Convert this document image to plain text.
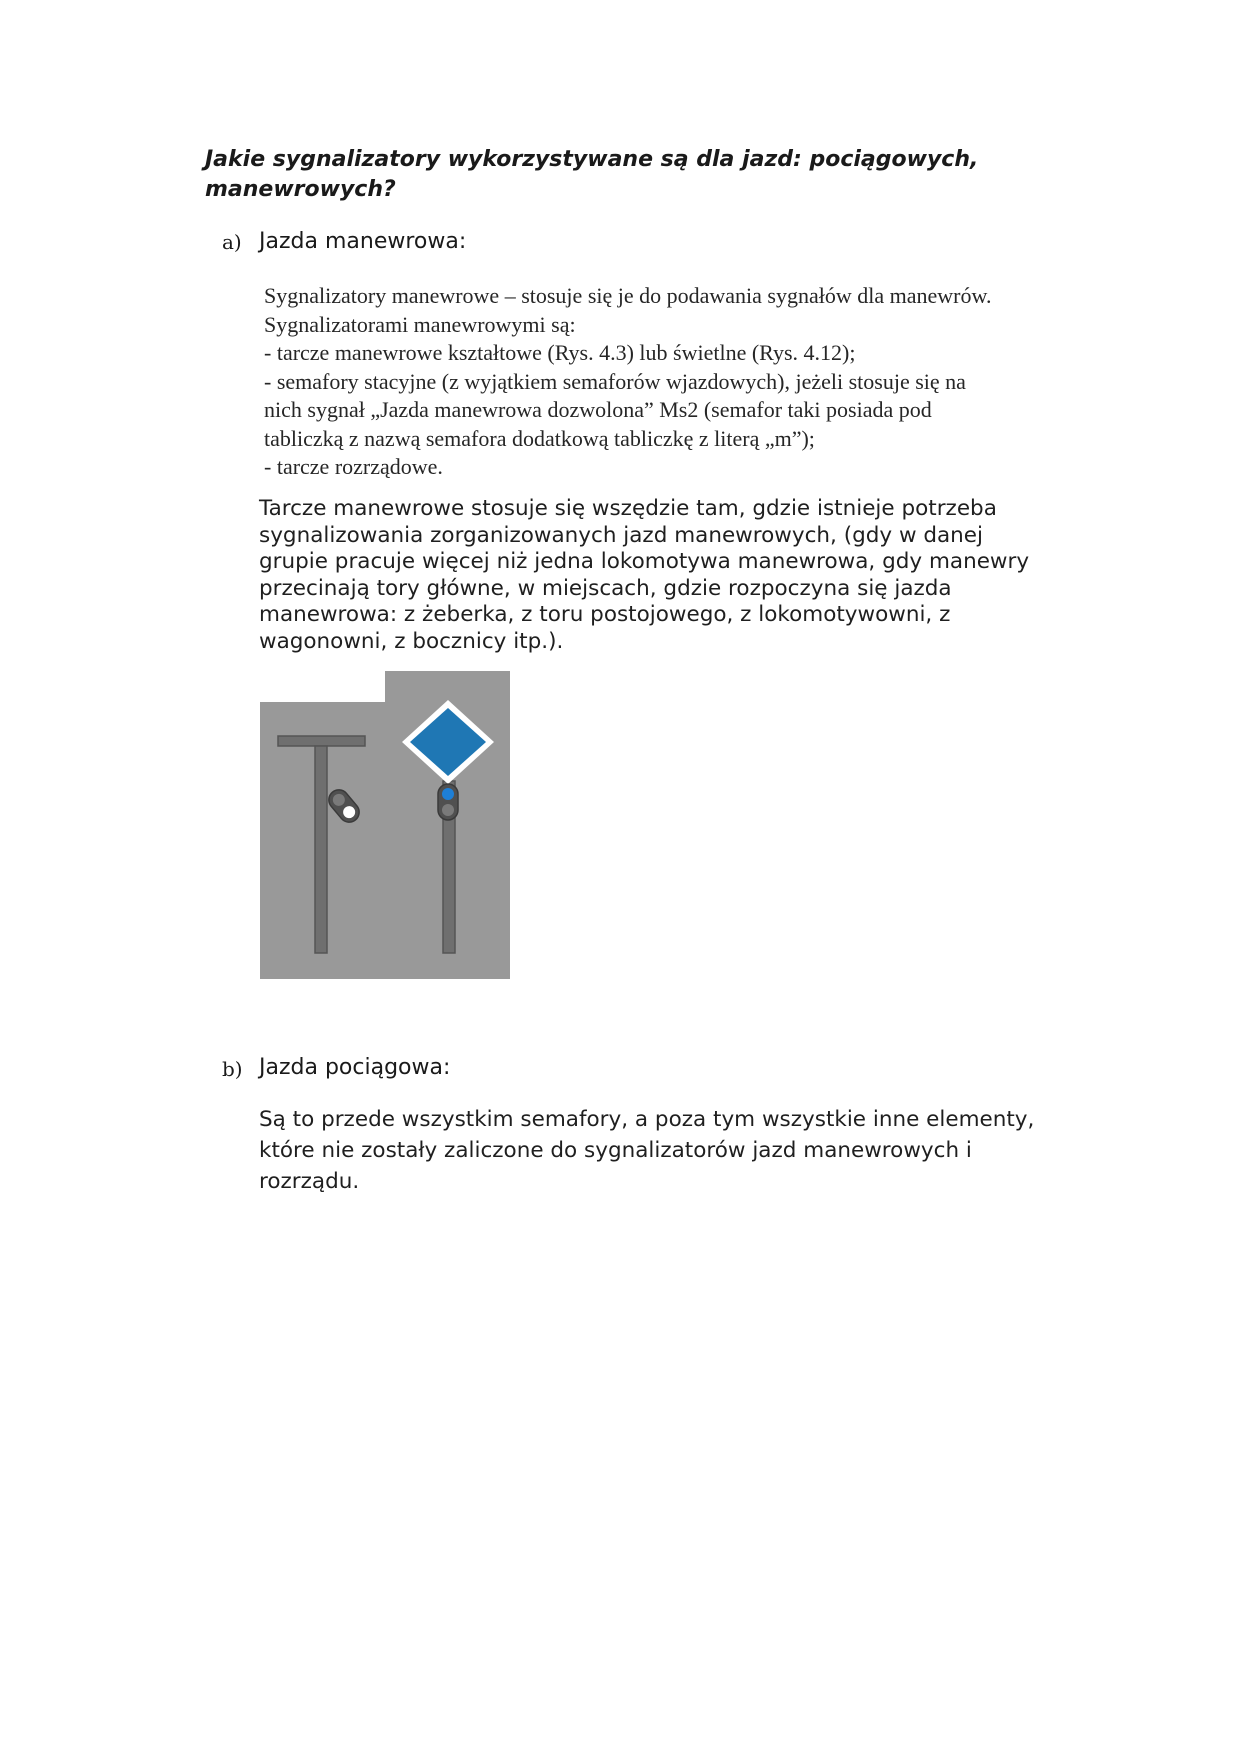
Jakie sygnalizatory wykorzystywane są dla jazd: pociągowych,
manewrowych?
a) Jazda manewrowa:
Sygnalizatory manewrowe – stosuje się je do podawania sygnałów dla manewrów.
Sygnalizatorami manewrowymi są:
- tarcze manewrowe kształtowe (Rys. 4.3) lub świetlne (Rys. 4.12);
- semafory stacyjne (z wyjątkiem semaforów wjazdowych), jeżeli stosuje się na
nich sygnał „Jazda manewrowa dozwolona” Ms2 (semafor taki posiada pod
tabliczką z nazwą semafora dodatkową tabliczkę z literą „m”);
- tarcze rozrządowe.
Tarcze manewrowe stosuje się wszędzie tam, gdzie istnieje potrzeba
sygnalizowania zorganizowanych jazd manewrowych, (gdy w danej
grupie pracuje więcej niż jedna lokomotywa manewrowa, gdy manewry
przecinają tory główne, w miejscach, gdzie rozpoczyna się jazda
manewrowa: z żeberka, z toru postojowego, z lokomotywowni, z
wagonowni, z bocznicy itp.).
b) Jazda pociągowa:
Są to przede wszystkim semafory, a poza tym wszystkie inne elementy,
które nie zostały zaliczone do sygnalizatorów jazd manewrowych i
rozrządu.
